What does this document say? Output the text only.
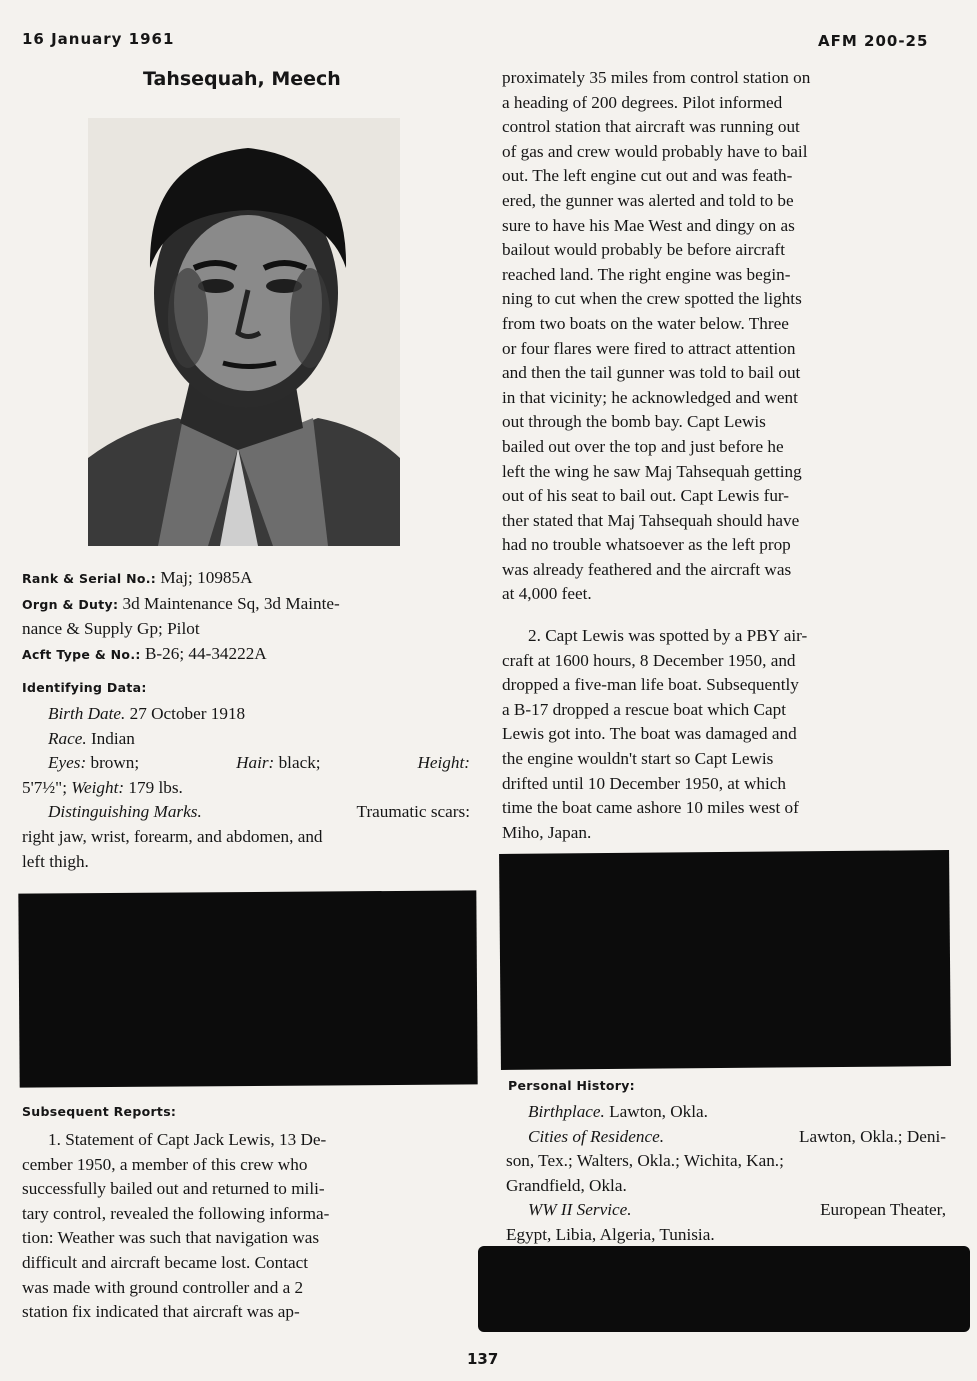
16 January 1961	AFM 200-25
Tahsequah, Meech
Rank & Serial No.: Maj; 10985A
Orgn & Duty: 3d Maintenance Sq, 3d Mainte-
nance & Supply Gp; Pilot
Acft Type & No.: B-26; 44-34222A
Identifying Data:
Birth Date. 27 October 1918
Race. Indian
Eyes: brown;	Hair: black;	Height:
5'7½"; Weight: 179 lbs.
Distinguishing Marks.	Traumatic scars:
right jaw, wrist, forearm, and abdomen, and
left thigh.
Subsequent Reports:
1. Statement of Capt Jack Lewis, 13 De-
cember 1950, a member of this crew who
successfully bailed out and returned to mili-
tary control, revealed the following informa-
tion: Weather was such that navigation was
difficult and aircraft became lost. Contact
was made with ground controller and a 2
station fix indicated that aircraft was ap-
proximately 35 miles from control station on
a heading of 200 degrees. Pilot informed
control station that aircraft was running out
of gas and crew would probably have to bail
out. The left engine cut out and was feath-
ered, the gunner was alerted and told to be
sure to have his Mae West and dingy on as
bailout would probably be before aircraft
reached land. The right engine was begin-
ning to cut when the crew spotted the lights
from two boats on the water below. Three
or four flares were fired to attract attention
and then the tail gunner was told to bail out
in that vicinity; he acknowledged and went
out through the bomb bay. Capt Lewis
bailed out over the top and just before he
left the wing he saw Maj Tahsequah getting
out of his seat to bail out. Capt Lewis fur-
ther stated that Maj Tahsequah should have
had no trouble whatsoever as the left prop
was already feathered and the aircraft was
at 4,000 feet.
2. Capt Lewis was spotted by a PBY air-
craft at 1600 hours, 8 December 1950, and
dropped a five-man life boat. Subsequently
a B-17 dropped a rescue boat which Capt
Lewis got into. The boat was damaged and
the engine wouldn't start so Capt Lewis
drifted until 10 December 1950, at which
time the boat came ashore 10 miles west of
Miho, Japan.
Personal History:
Birthplace. Lawton, Okla.
Cities of Residence.	Lawton, Okla.; Deni-
son, Tex.; Walters, Okla.; Wichita, Kan.;
Grandfield, Okla.
WW II Service.	European Theater,
Egypt, Libia, Algeria, Tunisia.
137
